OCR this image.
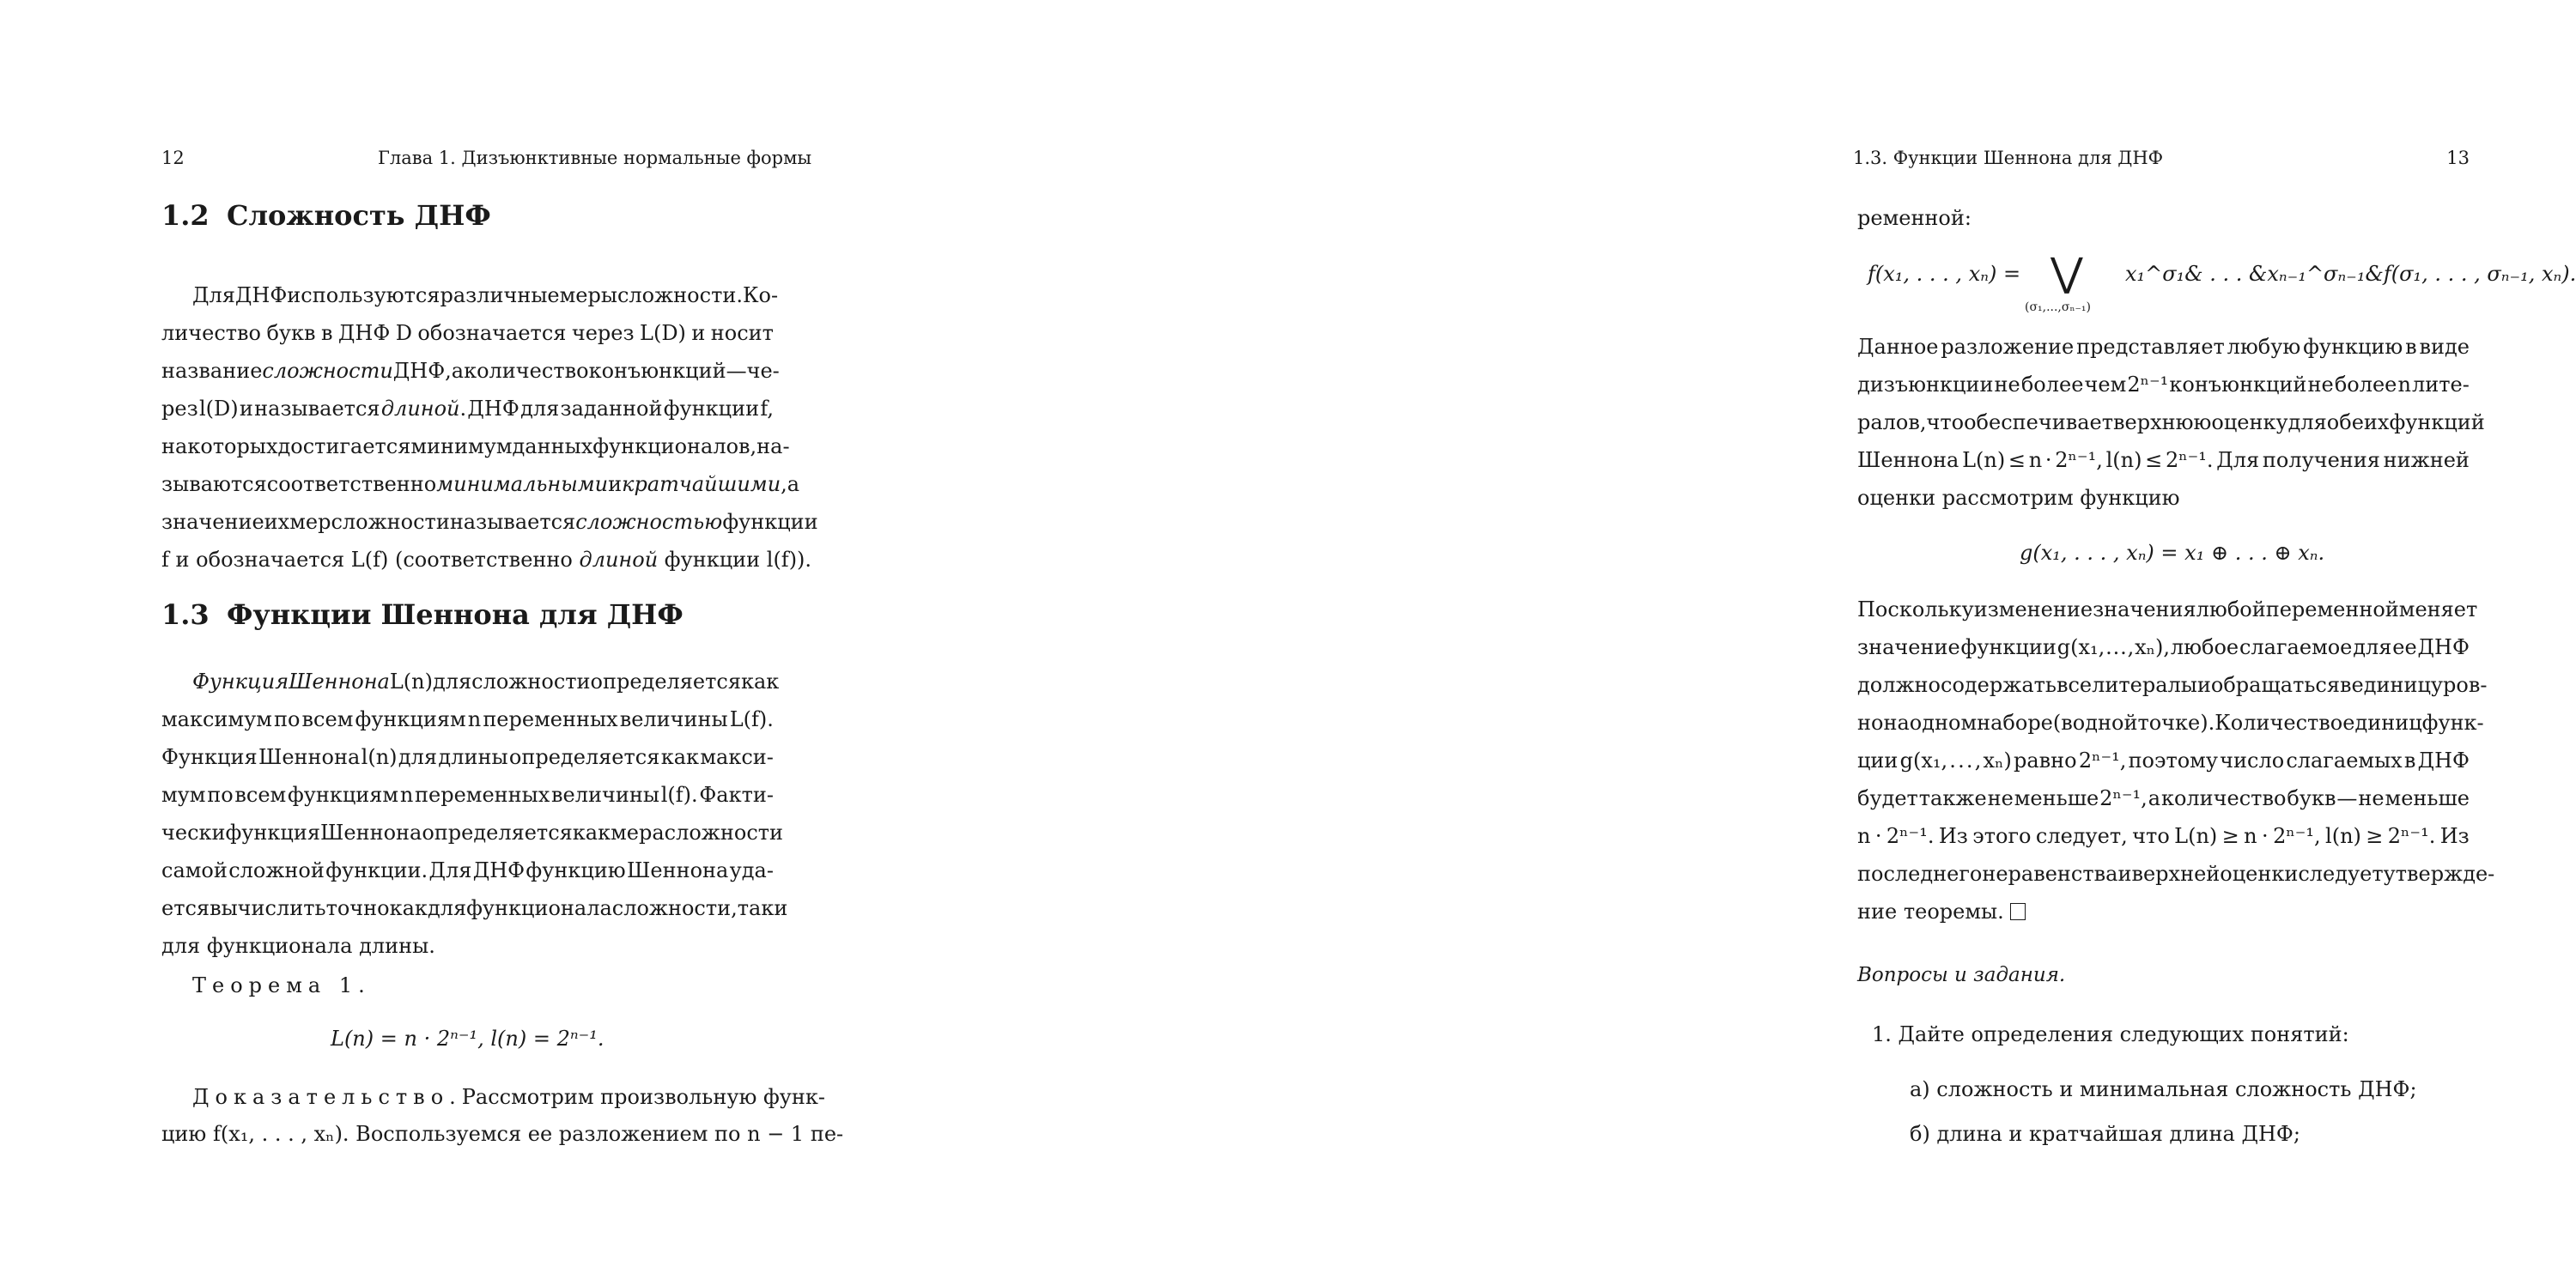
12	Глава 1. Дизъюнктивные нормальные формы
1.2 Сложность ДНФ
Для ДНФ используются различные меры сложности. Ко-
личество букв в ДНФ D обозначается через L(D) и носит
название сложности ДНФ, а количество конъюнкций — че-
рез l(D) и называется длиной. ДНФ для заданной функции f,
на которых достигается минимум данных функционалов, на-
зываются соответственно минимальными и кратчайшими, а
значение их мер сложности называется сложностью функции
f и обозначается L(f) (соответственно длиной функции l(f)).
1.3 Функции Шеннона для ДНФ
Функция Шеннона L(n) для сложности определяется как
максимум по всем функциям n переменных величины L(f).
Функция Шеннона l(n) для длины определяется как макси-
мум по всем функциям n переменных величины l(f). Факти-
чески функция Шеннона определяется как мера сложности
самой сложной функции. Для ДНФ функцию Шеннона уда-
ется вычислить точно как для функционала сложности, так и
для функционала длины.
Теорема 1.
L(n) = n · 2ⁿ⁻¹, l(n) = 2ⁿ⁻¹.
Доказательство. Рассмотрим произвольную функ-
цию f(x₁, . . . , xₙ). Воспользуемся ее разложением по n − 1 пе-
1.3. Функции Шеннона для ДНФ	13
ременной:
f(x₁, . . . , xₙ) = ⋁
(σ₁,...,σₙ₋₁)
x₁^σ₁& . . . &xₙ₋₁^σₙ₋₁&f(σ₁, . . . , σₙ₋₁, xₙ).
Данное разложение представляет любую функцию в виде
дизъюнкции не более чем 2ⁿ⁻¹ конъюнкций не более n лите-
ралов, что обеспечивает верхнюю оценку для обеих функций
Шеннона L(n) ≤ n · 2ⁿ⁻¹, l(n) ≤ 2ⁿ⁻¹. Для получения нижней
оценки рассмотрим функцию
g(x₁, . . . , xₙ) = x₁ ⊕ . . . ⊕ xₙ.
Поскольку изменение значения любой переменной меняет
значение функции g(x₁, . . . , xₙ), любое слагаемое для ее ДНФ
должно содержать все литералы и обращаться в единицу ров-
но на одном наборе (в одной точке). Количество единиц функ-
ции g(x₁, . . . , xₙ) равно 2ⁿ⁻¹, поэтому число слагаемых в ДНФ
будет также не меньше 2ⁿ⁻¹, а количество букв — не меньше
n · 2ⁿ⁻¹. Из этого следует, что L(n) ≥ n · 2ⁿ⁻¹, l(n) ≥ 2ⁿ⁻¹. Из
последнего неравенства и верхней оценки следует утвержде-
ние теоремы.
Вопросы и задания.
1. Дайте определения следующих понятий:
а) сложность и минимальная сложность ДНФ;
б) длина и кратчайшая длина ДНФ;
